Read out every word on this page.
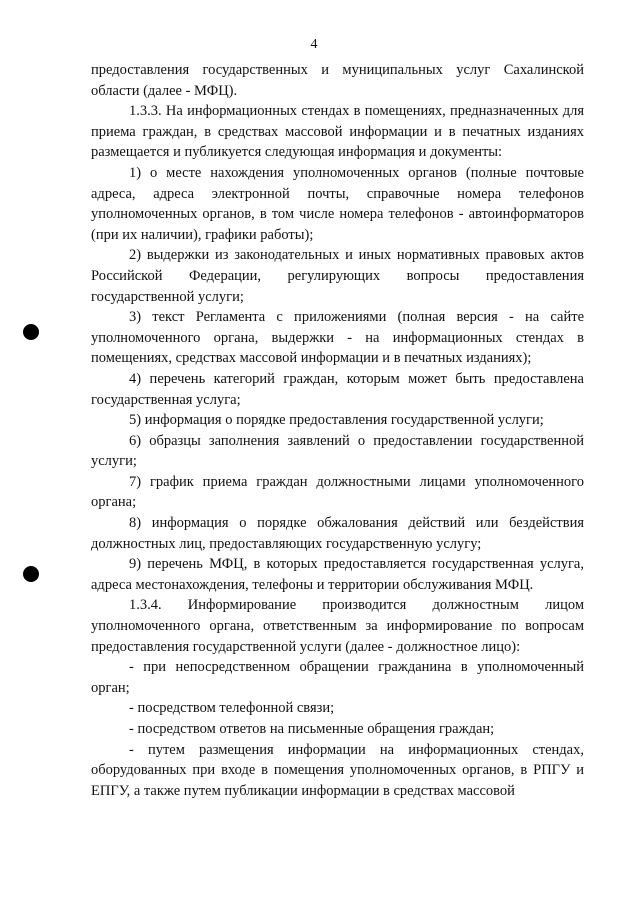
4

предоставления государственных и муниципальных услуг Сахалинской области (далее - МФЦ).

1.3.3. На информационных стендах в помещениях, предназначенных для приема граждан, в средствах массовой информации и в печатных изданиях размещается и публикуется следующая информация и документы:

1) о месте нахождения уполномоченных органов (полные почтовые адреса, адреса электронной почты, справочные номера телефонов уполномоченных органов, в том числе номера телефонов - автоинформаторов (при их наличии), графики работы);

2) выдержки из законодательных и иных нормативных правовых актов Российской Федерации, регулирующих вопросы предоставления государственной услуги;

3) текст Регламента с приложениями (полная версия - на сайте уполномоченного органа, выдержки - на информационных стендах в помещениях, средствах массовой информации и в печатных изданиях);

4) перечень категорий граждан, которым может быть предоставлена государственная услуга;

5) информация о порядке предоставления государственной услуги;

6) образцы заполнения заявлений о предоставлении государственной услуги;

7) график приема граждан должностными лицами уполномоченного органа;

8) информация о порядке обжалования действий или бездействия должностных лиц, предоставляющих государственную услугу;

9) перечень МФЦ, в которых предоставляется государственная услуга, адреса местонахождения, телефоны и территории обслуживания МФЦ.

1.3.4. Информирование производится должностным лицом уполномоченного органа, ответственным за информирование по вопросам предоставления государственной услуги (далее - должностное лицо):

- при непосредственном обращении гражданина в уполномоченный орган;

- посредством телефонной связи;

- посредством ответов на письменные обращения граждан;

- путем размещения информации на информационных стендах, оборудованных при входе в помещения уполномоченных органов, в РПГУ и ЕПГУ, а также путем публикации информации в средствах массовой
